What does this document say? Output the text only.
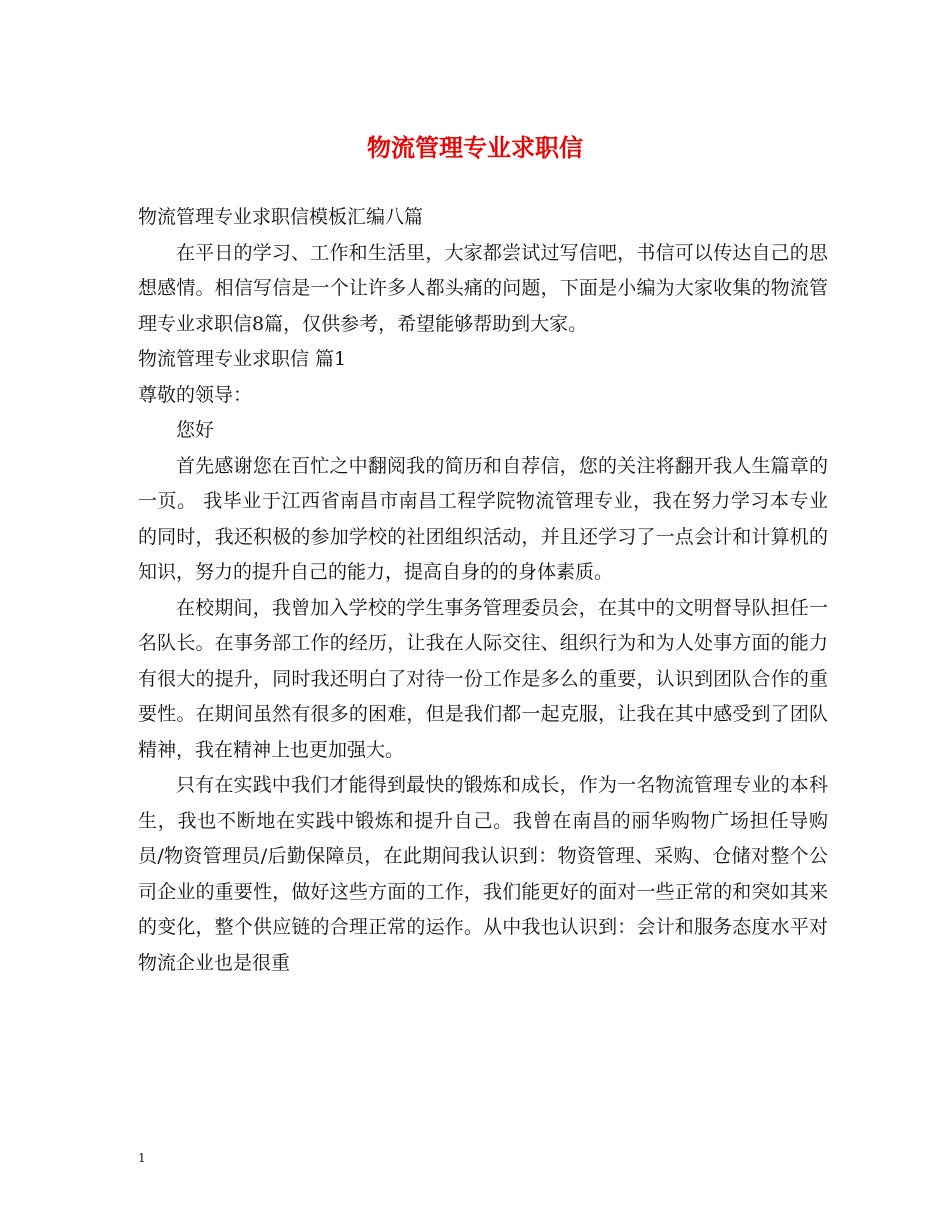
物流管理专业求职信

物流管理专业求职信模板汇编八篇

在平日的学习、工作和生活里，大家都尝试过写信吧，书信可以传达自己的思想感情。相信写信是一个让许多人都头痛的问题，下面是小编为大家收集的物流管理专业求职信8篇，仅供参考，希望能够帮助到大家。

物流管理专业求职信 篇1

尊敬的领导：

您好

首先感谢您在百忙之中翻阅我的简历和自荐信，您的关注将翻开我人生篇章的一页。 我毕业于江西省南昌市南昌工程学院物流管理专业，我在努力学习本专业的同时，我还积极的参加学校的社团组织活动，并且还学习了一点会计和计算机的知识，努力的提升自己的能力，提高自身的的身体素质。

在校期间，我曾加入学校的学生事务管理委员会，在其中的文明督导队担任一名队长。在事务部工作的经历，让我在人际交往、组织行为和为人处事方面的能力有很大的提升，同时我还明白了对待一份工作是多么的重要，认识到团队合作的重要性。在期间虽然有很多的困难，但是我们都一起克服，让我在其中感受到了团队精神，我在精神上也更加强大。

只有在实践中我们才能得到最快的锻炼和成长，作为一名物流管理专业的本科生，我也不断地在实践中锻炼和提升自己。我曾在南昌的丽华购物广场担任导购员/物资管理员/后勤保障员，在此期间我认识到：物资管理、采购、仓储对整个公司企业的重要性，做好这些方面的工作，我们能更好的面对一些正常的和突如其来的变化，整个供应链的合理正常的运作。从中我也认识到：会计和服务态度水平对物流企业也是很重

1
